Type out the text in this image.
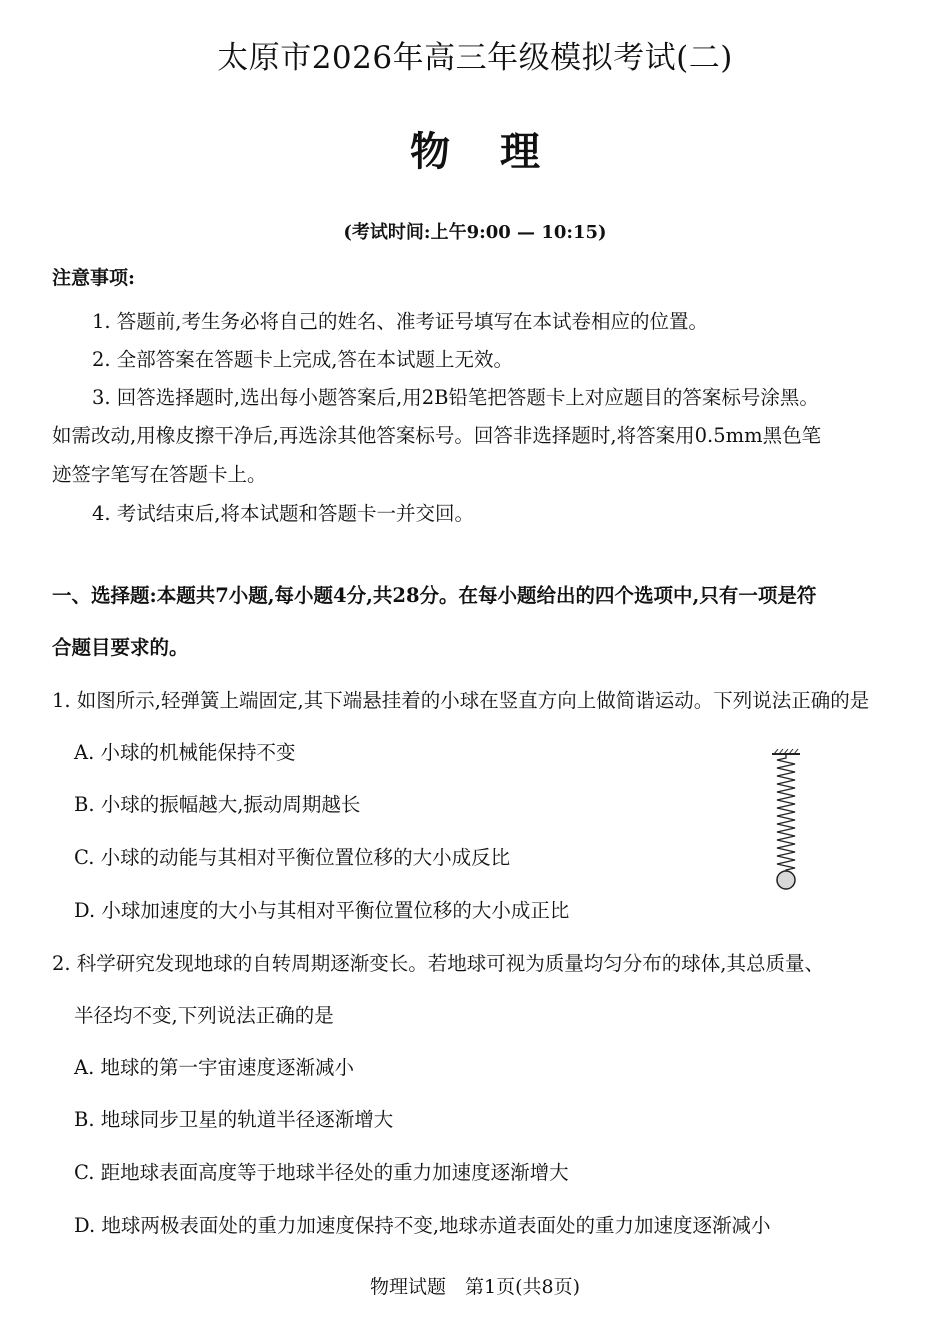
太原市2026年高三年级模拟考试(二)
物理
(考试时间:上午9:00 — 10:15)
注意事项:
1. 答题前,考生务必将自己的姓名、准考证号填写在本试卷相应的位置。
2. 全部答案在答题卡上完成,答在本试题上无效。
3. 回答选择题时,选出每小题答案后,用2B铅笔把答题卡上对应题目的答案标号涂黑。
如需改动,用橡皮擦干净后,再选涂其他答案标号。回答非选择题时,将答案用0.5mm黑色笔
迹签字笔写在答题卡上。
4. 考试结束后,将本试题和答题卡一并交回。
一、选择题:本题共7小题,每小题4分,共28分。在每小题给出的四个选项中,只有一项是符
合题目要求的。
1. 如图所示,轻弹簧上端固定,其下端悬挂着的小球在竖直方向上做简谐运动。下列说法正确的是
A. 小球的机械能保持不变
B. 小球的振幅越大,振动周期越长
C. 小球的动能与其相对平衡位置位移的大小成反比
D. 小球加速度的大小与其相对平衡位置位移的大小成正比
2. 科学研究发现地球的自转周期逐渐变长。若地球可视为质量均匀分布的球体,其总质量、
半径均不变,下列说法正确的是
A. 地球的第一宇宙速度逐渐减小
B. 地球同步卫星的轨道半径逐渐增大
C. 距地球表面高度等于地球半径处的重力加速度逐渐增大
D. 地球两极表面处的重力加速度保持不变,地球赤道表面处的重力加速度逐渐减小
物理试题　第1页(共8页)
